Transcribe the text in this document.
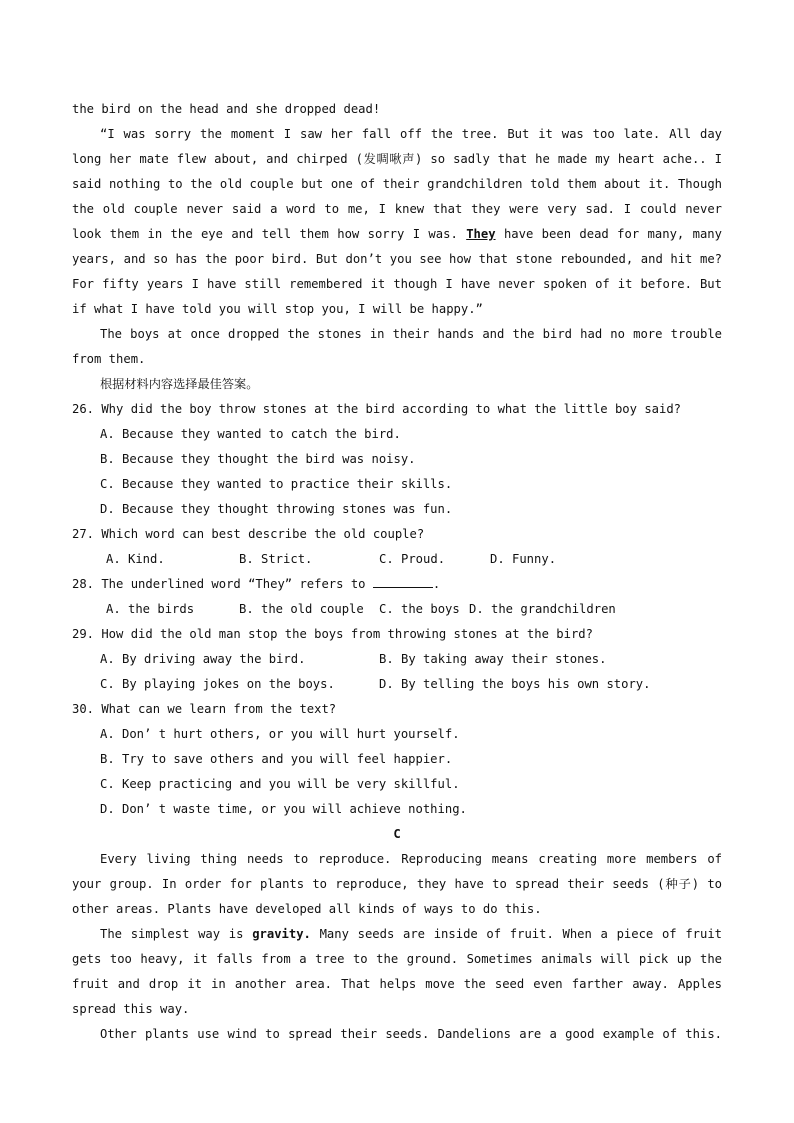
the bird on the head and she dropped dead!

“I was sorry the moment I saw her fall off the tree. But it was too late. All day long her mate flew about, and chirped (发啁啾声) so sadly that he made my heart ache.. I said nothing to the old couple but one of their grandchildren told them about it. Though the old couple never said a word to me, I knew that they were very sad. I could never look them in the eye and tell them how sorry I was. They have been dead for many, many years, and so has the poor bird. But don’t you see how that stone rebounded, and hit me? For fifty years I have still remembered it though I have never spoken of it before. But if what I have told you will stop you, I will be happy.”

The boys at once dropped the stones in their hands and the bird had no more trouble from them.

根据材料内容选择最佳答案。

26. Why did the boy throw stones at the bird according to what the little boy said?

A. Because they wanted to catch the bird.

B. Because they thought the bird was noisy.

C. Because they wanted to practice their skills.

D. Because they thought throwing stones was fun.

27. Which word can best describe the old couple?

A. Kind.	B. Strict.	C. Proud.	D. Funny.

28. The underlined word “They” refers to	.

A. the birds	B. the old couple	C. the boys D. the grandchildren

29. How did the old man stop the boys from throwing stones at the bird?

A. By driving away the bird.	B. By taking away their stones.
C. By playing jokes on the boys.	D. By telling the boys his own story.

30. What can we learn from the text?

A. Don’ t hurt others, or you will hurt yourself.

B. Try to save others and you will feel happier.

C. Keep practicing and you will be very skillful.

D. Don’ t waste time, or you will achieve nothing.

C

Every living thing needs to reproduce. Reproducing means creating more members of your group. In order for plants to reproduce, they have to spread their seeds (种子) to other areas. Plants have developed all kinds of ways to do this.

The simplest way is gravity. Many seeds are inside of fruit. When a piece of fruit gets too heavy, it falls from a tree to the ground. Sometimes animals will pick up the fruit and drop it in another area. That helps move the seed even farther away. Apples spread this way.

Other plants use wind to spread their seeds. Dandelions are a good example of this.
